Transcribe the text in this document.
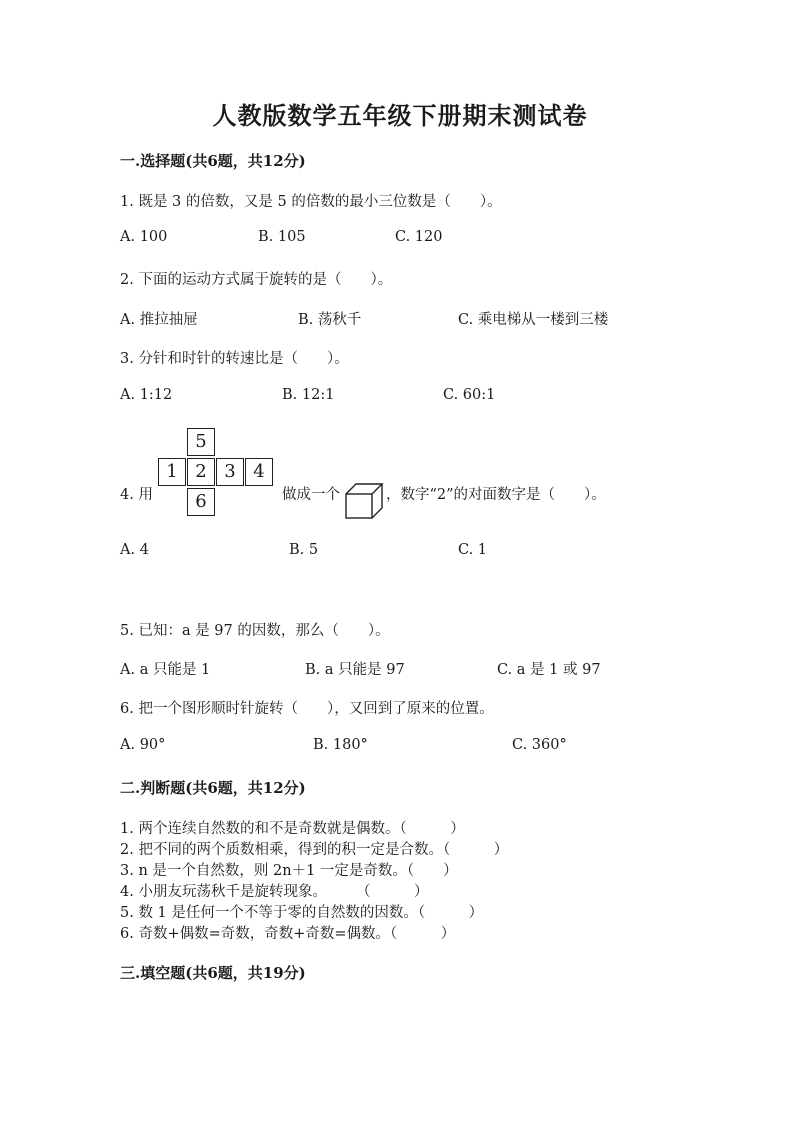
人教版数学五年级下册期末测试卷
一.选择题(共6题，共12分)
1. 既是 3 的倍数，又是 5 的倍数的最小三位数是（　　）。
A. 100	B. 105	C. 120
2. 下面的运动方式属于旋转的是（　　）。
A. 推拉抽屉	B. 荡秋千	C. 乘电梯从一楼到三楼
3. 分针和时针的转速比是（　　）。
A. 1:12	B. 12:1	C. 60:1
4. 用
5
1 2 3 4
6	做成一个	，数字“2”的对面数字是（　　）。
A. 4	B. 5	C. 1
5. 已知：a 是 97 的因数，那么（　　）。
A. a 只能是 1	B. a 只能是 97	C. a 是 1 或 97
6. 把一个图形顺时针旋转（　　），又回到了原来的位置。
A. 90°	B. 180°	C. 360°
二.判断题(共6题，共12分)
1. 两个连续自然数的和不是奇数就是偶数。（　　　）
2. 把不同的两个质数相乘，得到的积一定是合数。（　　　）
3. n 是一个自然数，则 2n＋1 一定是奇数。（　　）
4. 小朋友玩荡秋千是旋转现象。　　　（　　　）
5. 数 1 是任何一个不等于零的自然数的因数。（　　　）
6. 奇数+偶数=奇数，奇数+奇数=偶数。（　　　）
三.填空题(共6题，共19分)
